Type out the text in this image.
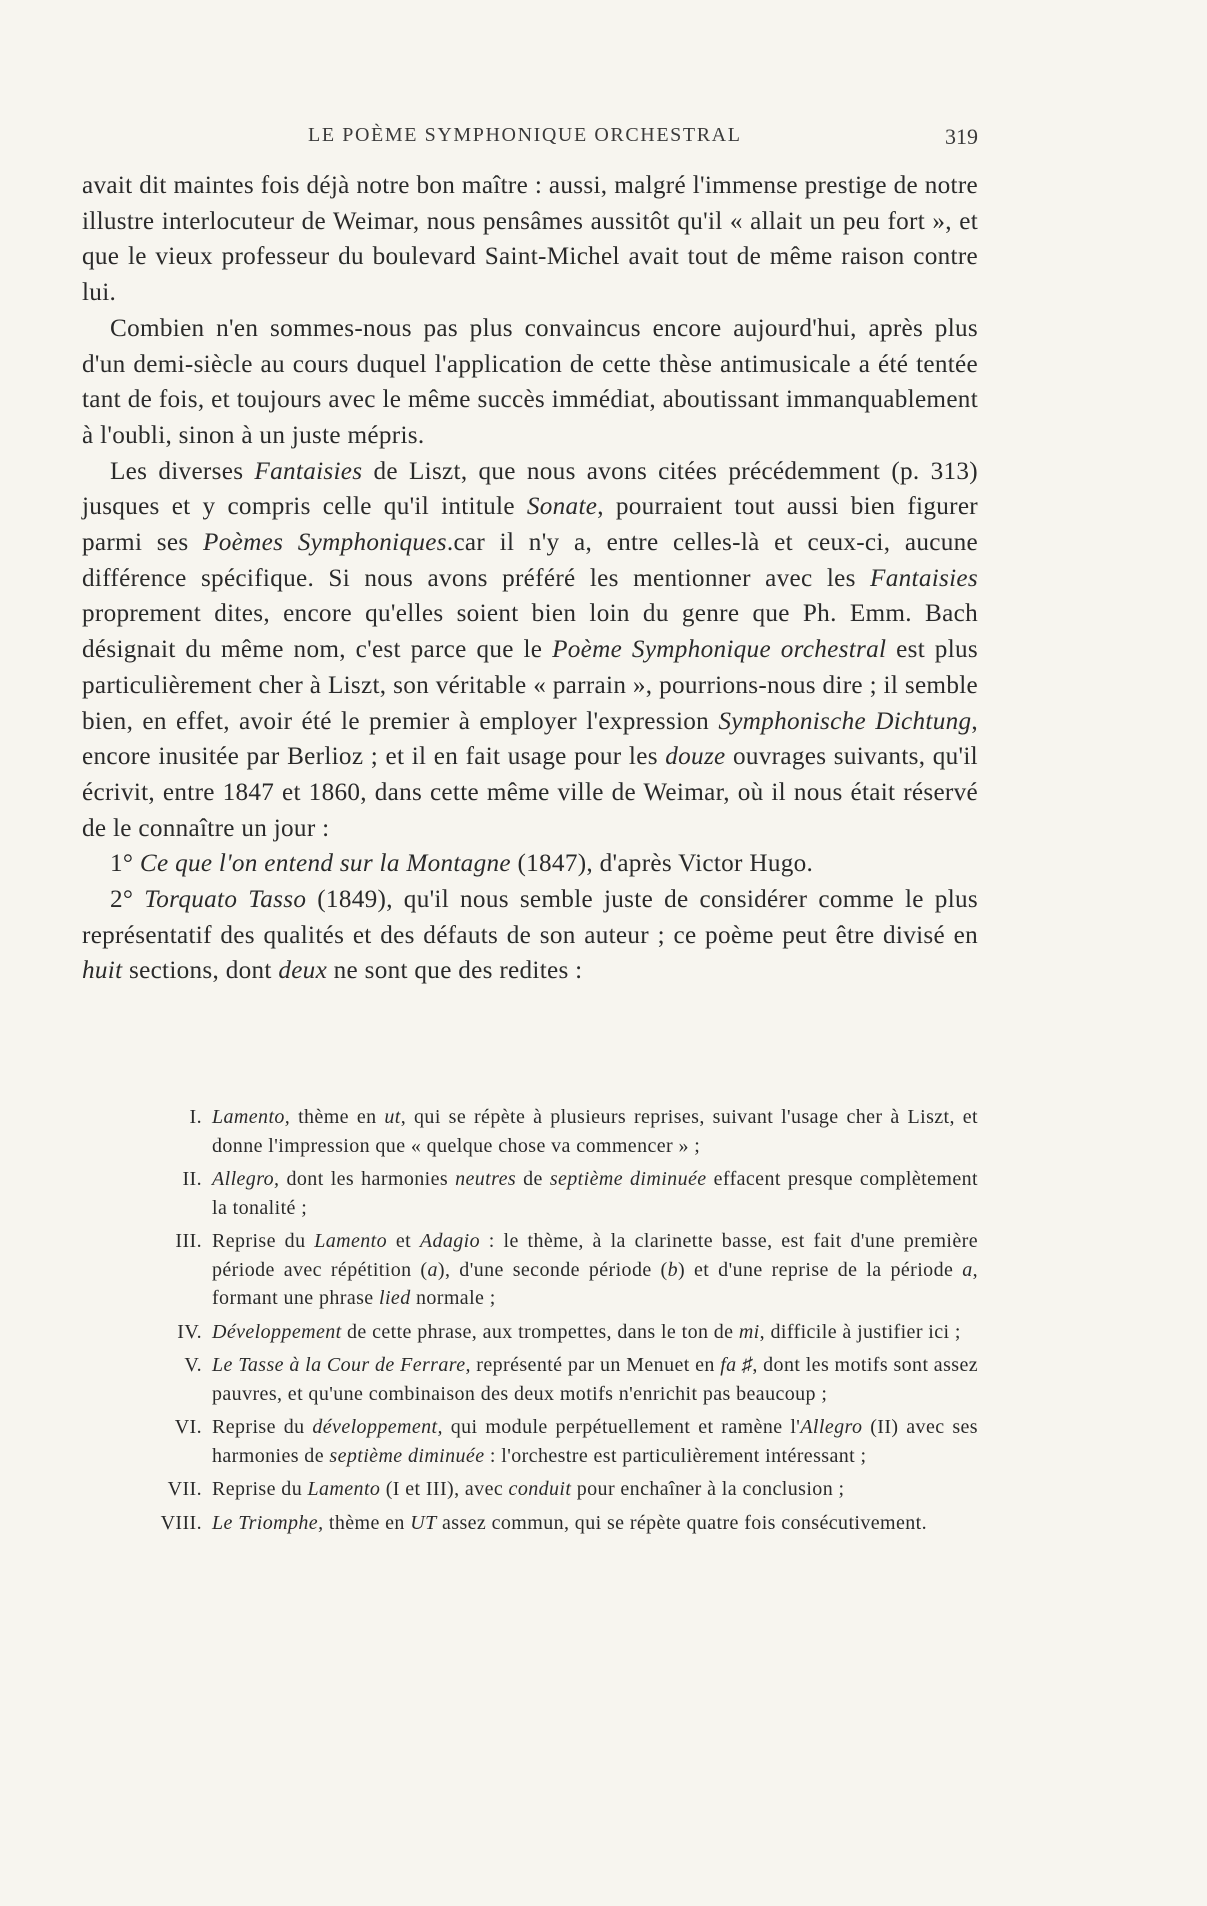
LE POÈME SYMPHONIQUE ORCHESTRAL	319

avait dit maintes fois déjà notre bon maître : aussi, malgré l'immense prestige de notre illustre interlocuteur de Weimar, nous pensâmes aussitôt qu'il « allait un peu fort », et que le vieux professeur du boulevard Saint-Michel avait tout de même raison contre lui.

Combien n'en sommes-nous pas plus convaincus encore aujourd'hui, après plus d'un demi-siècle au cours duquel l'application de cette thèse antimusicale a été tentée tant de fois, et toujours avec le même succès immédiat, aboutissant immanquablement à l'oubli, sinon à un juste mépris.

Les diverses Fantaisies de Liszt, que nous avons citées précédemment (p. 313) jusques et y compris celle qu'il intitule Sonate, pourraient tout aussi bien figurer parmi ses Poèmes Symphoniques.car il n'y a, entre celles-là et ceux-ci, aucune différence spécifique. Si nous avons préféré les mentionner avec les Fantaisies proprement dites, encore qu'elles soient bien loin du genre que Ph. Emm. Bach désignait du même nom, c'est parce que le Poème Symphonique orchestral est plus particulièrement cher à Liszt, son véritable « parrain », pourrions-nous dire ; il semble bien, en effet, avoir été le premier à employer l'expression Symphonische Dichtung, encore inusitée par Berlioz ; et il en fait usage pour les douze ouvrages suivants, qu'il écrivit, entre 1847 et 1860, dans cette même ville de Weimar, où il nous était réservé de le connaître un jour :

1° Ce que l'on entend sur la Montagne (1847), d'après Victor Hugo.

2° Torquato Tasso (1849), qu'il nous semble juste de considérer comme le plus représentatif des qualités et des défauts de son auteur ; ce poème peut être divisé en huit sections, dont deux ne sont que des redites :

I. Lamento, thème en ut, qui se répète à plusieurs reprises, suivant l'usage cher à Liszt, et donne l'impression que « quelque chose va commencer » ;
II. Allegro, dont les harmonies neutres de septième diminuée effacent presque complètement la tonalité ;
III. Reprise du Lamento et Adagio : le thème, à la clarinette basse, est fait d'une première période avec répétition (a), d'une seconde période (b) et d'une reprise de la période a, formant une phrase lied normale ;
IV. Développement de cette phrase, aux trompettes, dans le ton de mi, difficile à justifier ici ;
V. Le Tasse à la Cour de Ferrare, représenté par un Menuet en fa ♯, dont les motifs sont assez pauvres, et qu'une combinaison des deux motifs n'enrichit pas beaucoup ;
VI. Reprise du développement, qui module perpétuellement et ramène l'Allegro (II) avec ses harmonies de septième diminuée : l'orchestre est particulièrement intéressant ;
VII. Reprise du Lamento (I et III), avec conduit pour enchaîner à la conclusion ;
VIII. Le Triomphe, thème en UT assez commun, qui se répète quatre fois consécutivement.
